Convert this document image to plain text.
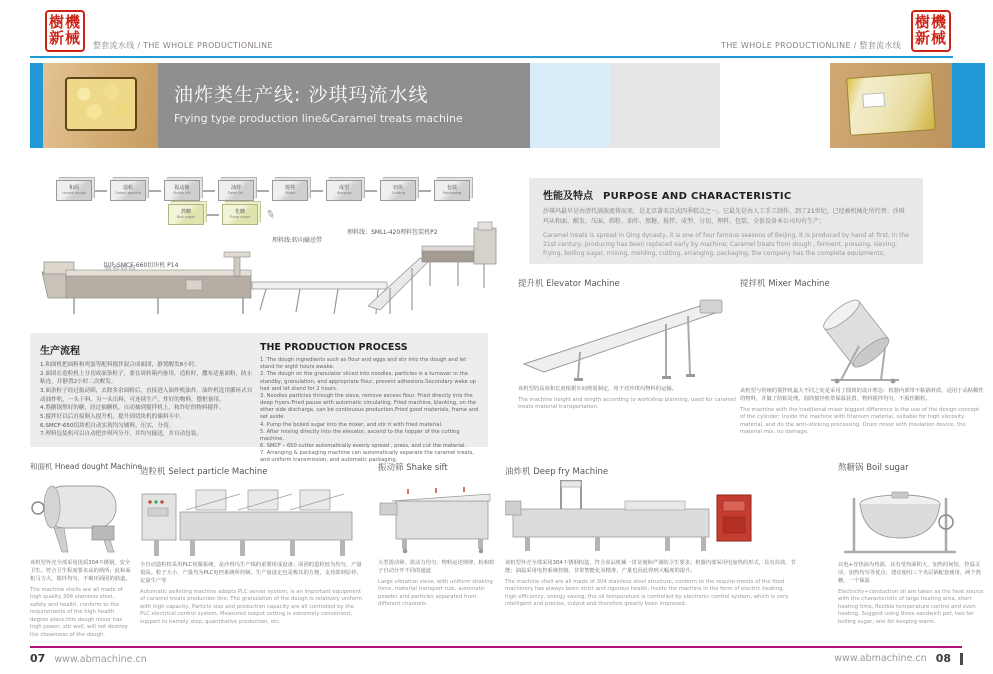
樹機
新械 整套流水线 / THE WHOLE PRODUCTIONLINE	THE WHOLE PRODUCTIONLINE / 整套流水线
樹機
新械
油炸类生产线: 沙琪玛流水线
Frying type production line&Caramel treats machine
和面
Hnead dough
造粒
Select particle
振动筛
Shake sift
油炸
Deep fry
搅拌
Mixer
成型
Shaping
切块
Cutting
包装
Packaging
熬糖
Boil sugar
化糖
Evap sugar ✎
切块:SMCF-660切块机 P14
理料线:转向输送带
理料线：SMLL-420理料包装机P2
生产流程
1.和面机把面粉和鸡蛋等配料搅拌混合成面团，静置醒发8小时。
2.面团在造粒机上分切成面条粒子，要在周转箱内备用，造粒时，撒布适量面粉，防止粘连，并静置2小时二次醒发。
3.面条粒子经过振动筛，去除多余面粉后，直接进入油炸机油炸。油炸机选用循环式自动油炸机，一头下料，另一头出料，可连续生产。炸好的物料，摆框备用。
4.熬糖锅熬好的糖，经过抽糖机，自动抽到搅拌机上，和炸好的物料搅拌。
5.搅拌好以后直接倒入提升机，提升到切块机的储料斗中。
6.SMCF-650切块机自动实现均匀铺料，压实，分切。
7.理料包装机可以自动把沙琪玛分开，并均匀输送，并自动包装。
THE PRODUCTION PROCESS
1. The dough ingredients such as flour and eggs and stir into the dough and let stand for eight hours awake.
2. The dough on the granulator sliced into noodles, particles is a turnover in the standby, granulation, and appropriate flour, prevent adhesions.Secondary wake up hair and let stand for 2 hours.
3. Noodles particles through the sieve, remove excess flour. Fried directly into the deep fryers.Fried pause with automatic circulating. Fried machine, blanking, on the other side discharge, can be continuous production.Fried good materials, frame and set aside.
4. Pump the boiled sugar into the mixer, and stir it with fried material.
5. After mixing directly into the elevator, ascend to the hopper of the cutting machine.
6. SMCF – 650 cutter automatically evenly spread , press, and cut the material.
7. Arranging & packaging machine can automatically separate the caramel treats, and uniform transmission, and automatic packaging.
性能及特点 PURPOSE AND CHARACTERISTIC
沙琪玛最早是由清代满族流传而来，是北京著名京式四季糕点之一。它最先是由人工手工制作，到了21世纪，已经被机械化所代替；沙琪玛从和面、醒发、压面、筛粉、油炸、熬糖、搅拌、成型、分切、理料、包装，全套设备本公司均有生产；
Caramel treats is spread in Qing dynasty, it is one of four famous seasons of Beijing. It is produced by hand at first, in the 21st century, producing has been replaced early by machine; Caramel treats from dough , ferment, pressing, sieving, frying, boiling sugar, mixing, molding, cutting, arranging, packaging, the company has the complete equipments;
提升机 Elevator Machine
该机型的高度和长度根据车间规划制定，用于对沙琪玛物料的运输。
The machine height and length according to workshop planning, used for caramel treats material transportation.
搅拌机 Mixer Machine
该机型与传统的搅拌机最大不同之处是采用了圆筒的设计理念：机器内部带不粘锅材质，适用于高粘稠性的物料，并做了防粘处理。圆筒搅拌机带保温装置，物料搅拌均匀，不损伤颗粒。
The machine with the traditional mixer biggest difference is the use of the design concept of the cylinder; Inside the machine with titanium material, suitable for high viscosity material, and do the anti–sticking processing. Drum mixer with insulation device, the material mix, no damage.
和面机 Hnead dought Machine
该机型外壳全部采用优质304不锈钢，安全卫生，符合卫生程度要求高的场所；此和面机马力大，搅拌均匀，不破坏面团的筋道。
The machine shells are all made of high quality 304 stainless steel, safety and health, conform to the requirements of the high health degree place;this dough mixer has high power, stir well, will not destroy the chewiness of the dough.
造粒机 Select particle Machine
全自动造粒机采用PLC伺服系统，是沙琪玛生产线的重要组成设备；面团的造粒较为均匀，产量很高。粒子大小、产量均为PLC电控系统所控制。生产量设定也是极其的方便，支持即到原停、定量生产等
Automatic pelleting machine adopts PLC server system, is an important equipment of caramel treats production line; The granulation of the dough is relatively uniform with high capacity, Particle size and production capacity are all controlled by the PLC electrical control system. Measured output setting is extremely convenient, support to namely stop, quantitative production, etc.
振动筛 Shake sift
大型震动筛，震动力均匀，物料运送规律，粉和粒子自动分开不同的通道
Large vibration sieve, with uniform shaking force, material transport rule, automatic powder and particles separated from different channels.
油炸机 Deep fry Machine
该机型外壳全部采用304不锈钢构造，符合食品机械一贯苛刻和严谨的卫生要求；机器内部采用电加热的形式，具有高效、节能；油温采用电控系统控制，非常智能化及精准，产量也因此得到大幅度的提升。
The machine shell are all made of 304 stainless steel structure, conform to the require-ments of the food machinery has always been strict and rigorous health; Inside the machine in the form of electric heating, high efficiency, energy saving; the oil temperature is controlled by electronic control system, which is very intelligent and precise, output and therefore greatly been improved.
熬糖锅 Boil sugar
以电+导热油为热源，具有受热面积大，加热时间短，控温灵活、加热均匀等优点；建议使用三个夹层锅配套使用，两个熬糖，一个保温
Electricity+conduction oil are taken as the heat source with the characteristic of large heating area, short heating time, flexible temperature control and even heating. Suggest using three sandwich pot, two for boiling sugar, one for keeping warm.
07 www.abmachine.cn	www.abmachine.cn 08
